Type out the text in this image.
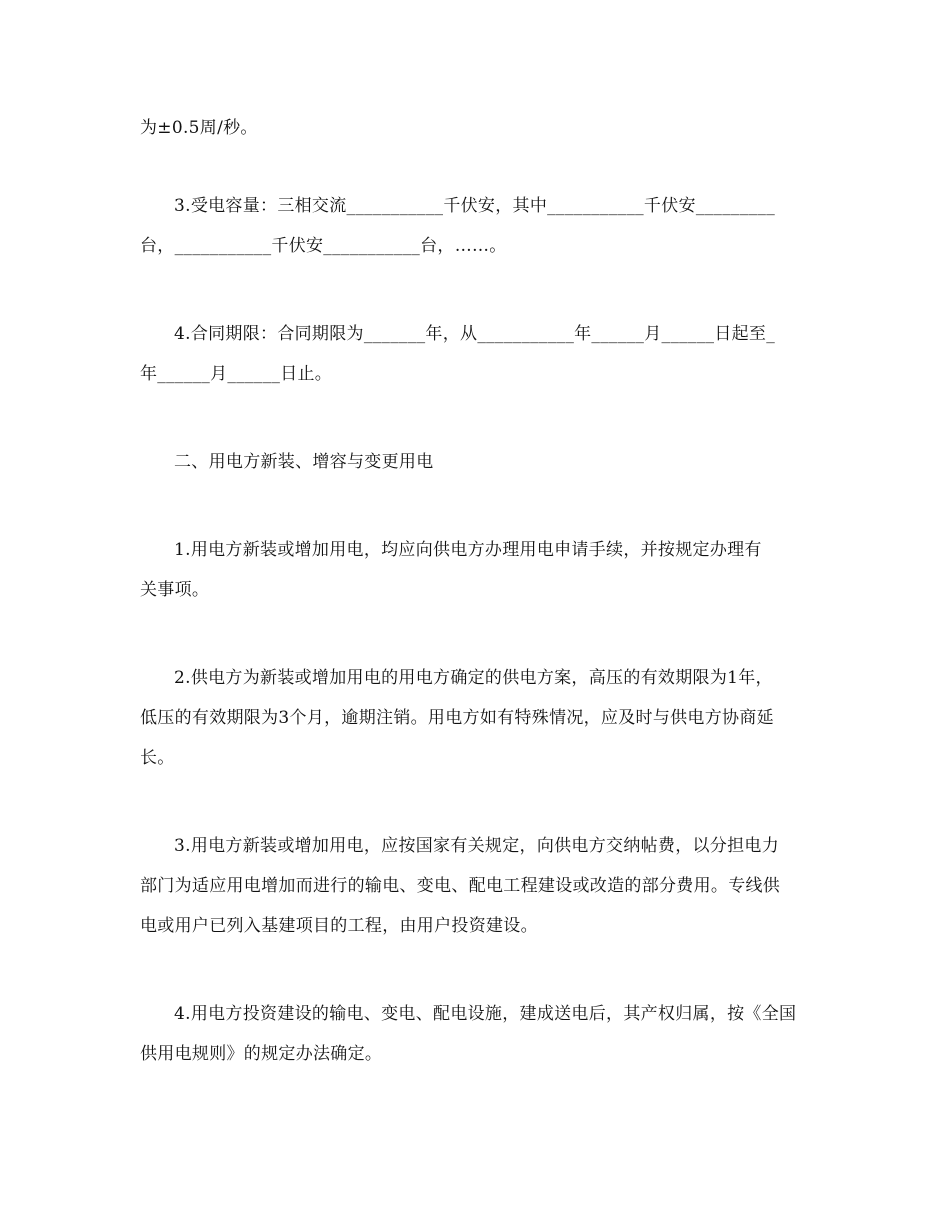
为±0.5周/秒。

3.受电容量：三相交流___________千伏安，其中___________千伏安_________
台，___________千伏安___________台，……。

4.合同期限：合同期限为_______年，从___________年______月______日起至_
年______月______日止。

二、用电方新装、增容与变更用电

1.用电方新装或增加用电，均应向供电方办理用电申请手续，并按规定办理有
关事项。

2.供电方为新装或增加用电的用电方确定的供电方案，高压的有效期限为1年，
低压的有效期限为3个月，逾期注销。用电方如有特殊情况，应及时与供电方协商延
长。

3.用电方新装或增加用电，应按国家有关规定，向供电方交纳帖费，以分担电力
部门为适应用电增加而进行的输电、变电、配电工程建设或改造的部分费用。专线供
电或用户已列入基建项目的工程，由用户投资建设。

4.用电方投资建设的输电、变电、配电设施，建成送电后，其产权归属，按《全国
供用电规则》的规定办法确定。
